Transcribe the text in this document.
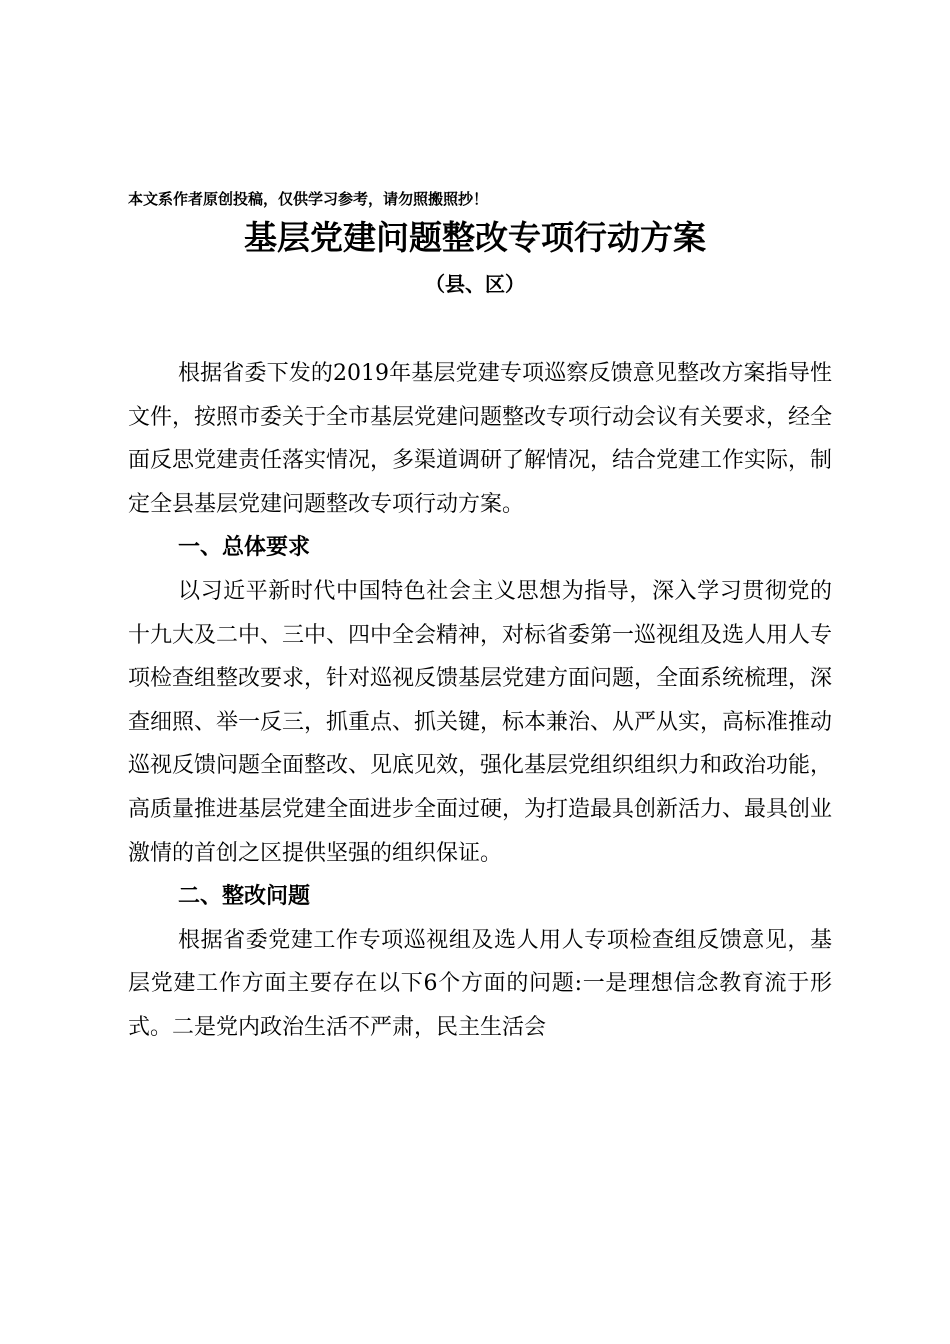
本文系作者原创投稿，仅供学习参考，请勿照搬照抄！
基层党建问题整改专项行动方案
（县、区）

根据省委下发的2019年基层党建专项巡察反馈意见整改方案指导性文件，按照市委关于全市基层党建问题整改专项行动会议有关要求，经全面反思党建责任落实情况，多渠道调研了解情况，结合党建工作实际，制定全县基层党建问题整改专项行动方案。

一、总体要求

以习近平新时代中国特色社会主义思想为指导，深入学习贯彻党的十九大及二中、三中、四中全会精神，对标省委第一巡视组及选人用人专项检查组整改要求，针对巡视反馈基层党建方面问题，全面系统梳理，深查细照、举一反三，抓重点、抓关键，标本兼治、从严从实，高标准推动巡视反馈问题全面整改、见底见效，强化基层党组织组织力和政治功能，高质量推进基层党建全面进步全面过硬，为打造最具创新活力、最具创业激情的首创之区提供坚强的组织保证。

二、整改问题

根据省委党建工作专项巡视组及选人用人专项检查组反馈意见，基层党建工作方面主要存在以下6个方面的问题:一是理想信念教育流于形式。二是党内政治生活不严肃，民主生活会
